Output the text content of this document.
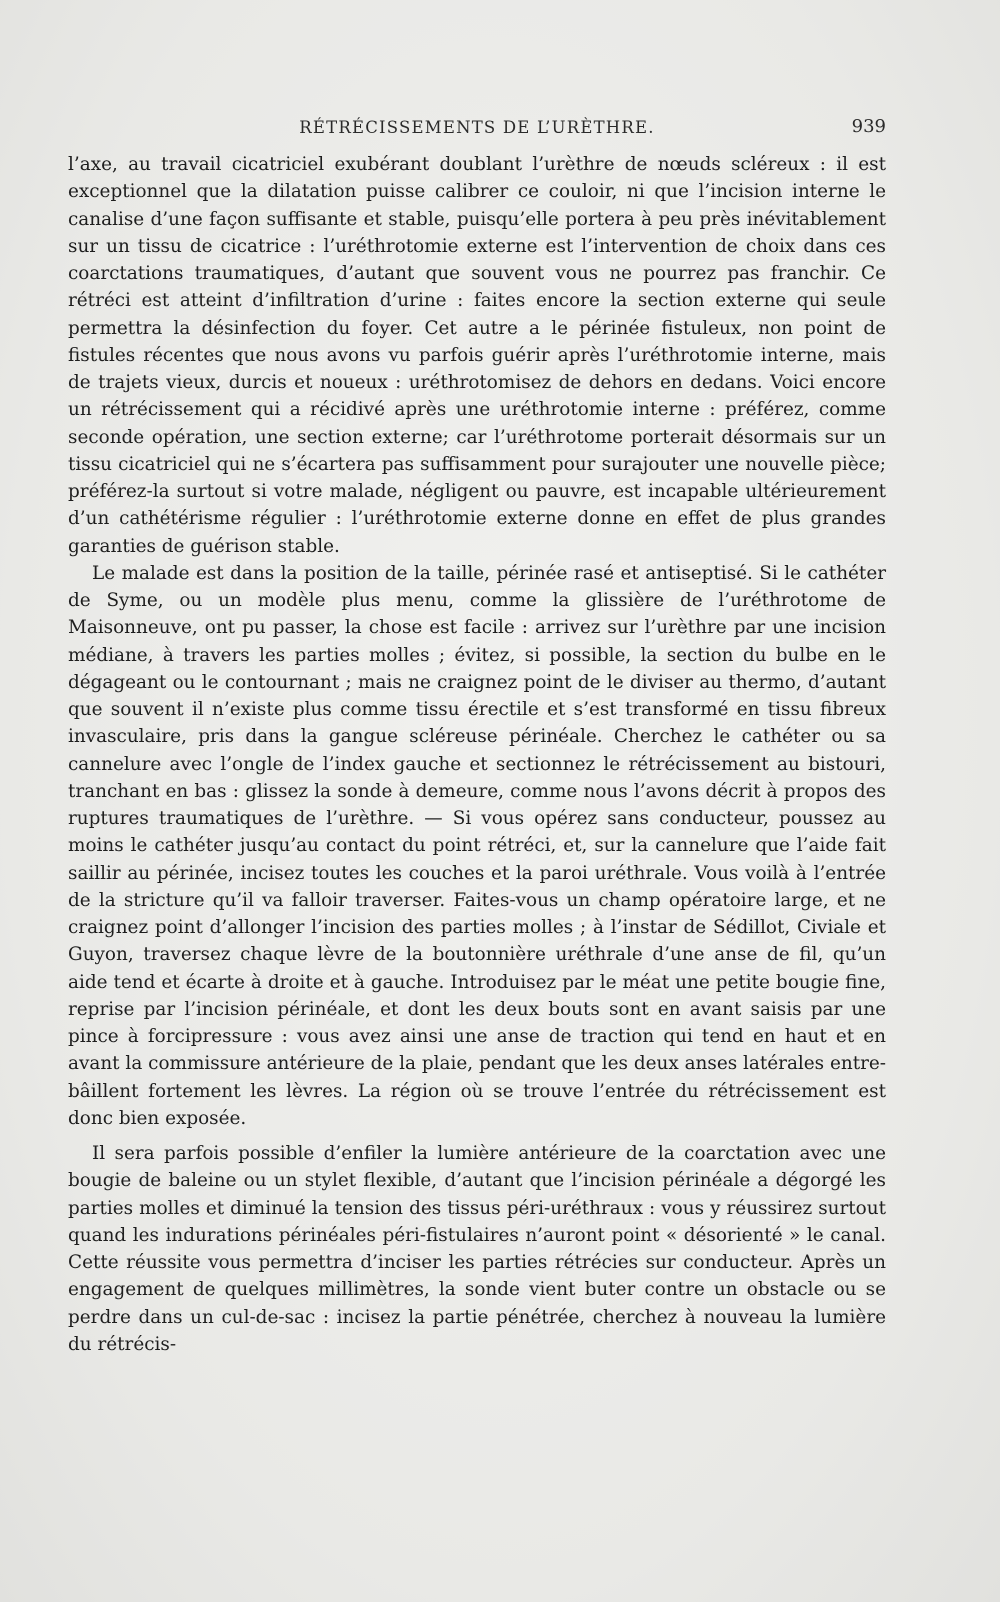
RÉTRÉCISSEMENTS DE L’URÈTHRE.	939

l’axe, au travail cicatriciel exubérant doublant l’urèthre de nœuds scléreux : il est exceptionnel que la dilatation puisse calibrer ce couloir, ni que l’incision interne le canalise d’une façon suffisante et stable, puisqu’elle portera à peu près inévitablement sur un tissu de cicatrice : l’uréthrotomie externe est l’intervention de choix dans ces coarctations traumatiques, d’autant que souvent vous ne pourrez pas franchir. Ce rétréci est atteint d’infiltration d’urine : faites encore la section externe qui seule permettra la désinfection du foyer. Cet autre a le périnée fistuleux, non point de fistules récentes que nous avons vu parfois guérir après l’uréthrotomie interne, mais de trajets vieux, durcis et noueux : uréthrotomisez de dehors en dedans. Voici encore un rétrécissement qui a récidivé après une uréthrotomie interne : préférez, comme seconde opération, une section externe; car l’uréthrotome porterait désormais sur un tissu cicatriciel qui ne s’écartera pas suffisamment pour surajouter une nouvelle pièce; préférez-la surtout si votre malade, négligent ou pauvre, est incapable ultérieurement d’un cathétérisme régulier : l’uréthrotomie externe donne en effet de plus grandes garanties de guérison stable.

Le malade est dans la position de la taille, périnée rasé et antiseptisé. Si le cathéter de Syme, ou un modèle plus menu, comme la glissière de l’uréthrotome de Maisonneuve, ont pu passer, la chose est facile : arrivez sur l’urèthre par une incision médiane, à travers les parties molles ; évitez, si possible, la section du bulbe en le dégageant ou le contournant ; mais ne craignez point de le diviser au thermo, d’autant que souvent il n’existe plus comme tissu érectile et s’est transformé en tissu fibreux invasculaire, pris dans la gangue scléreuse périnéale. Cherchez le cathéter ou sa cannelure avec l’ongle de l’index gauche et sectionnez le rétrécissement au bistouri, tranchant en bas : glissez la sonde à demeure, comme nous l’avons décrit à propos des ruptures traumatiques de l’urèthre. — Si vous opérez sans conducteur, poussez au moins le cathéter jusqu’au contact du point rétréci, et, sur la cannelure que l’aide fait saillir au périnée, incisez toutes les couches et la paroi uréthrale. Vous voilà à l’entrée de la stricture qu’il va falloir traverser. Faites-vous un champ opératoire large, et ne craignez point d’allonger l’incision des parties molles ; à l’instar de Sédillot, Civiale et Guyon, traversez chaque lèvre de la boutonnière uréthrale d’une anse de fil, qu’un aide tend et écarte à droite et à gauche. Introduisez par le méat une petite bougie fine, reprise par l’incision périnéale, et dont les deux bouts sont en avant saisis par une pince à forcipressure : vous avez ainsi une anse de traction qui tend en haut et en avant la commissure antérieure de la plaie, pendant que les deux anses latérales entre-bâillent fortement les lèvres. La région où se trouve l’entrée du rétrécissement est donc bien exposée.

Il sera parfois possible d’enfiler la lumière antérieure de la coarctation avec une bougie de baleine ou un stylet flexible, d’autant que l’incision périnéale a dégorgé les parties molles et diminué la tension des tissus péri-uréthraux : vous y réussirez surtout quand les indurations périnéales péri-fistulaires n’auront point « désorienté » le canal. Cette réussite vous permettra d’inciser les parties rétrécies sur conducteur. Après un engagement de quelques millimètres, la sonde vient buter contre un obstacle ou se perdre dans un cul-de-sac : incisez la partie pénétrée, cherchez à nouveau la lumière du rétrécis-
